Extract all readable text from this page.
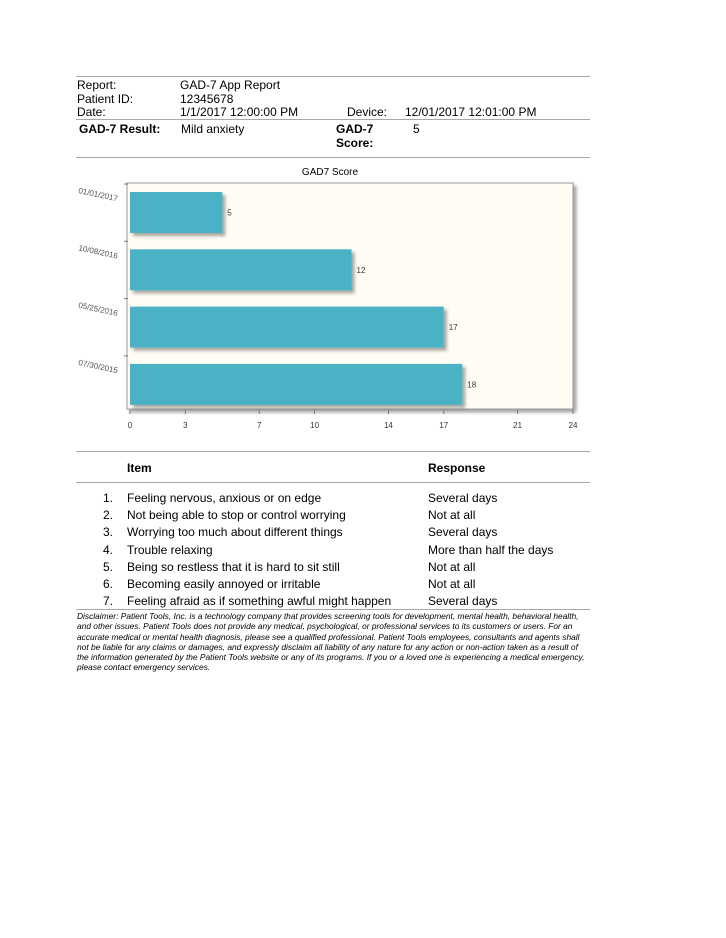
Report:	GAD-7 App Report
Patient ID:	12345678
Date:	1/1/2017 12:00:00 PM	Device: 12/01/2017 12:01:00 PM
GAD-7 Result: Mild anxiety	GAD-7
Score:
5
GAD7 Score
5
12
17
18
0	3	7	10	14	17	21	24
01/01/2017
10/08/2016
05/25/2016
07/30/2015
Item	Response
1. Feeling nervous, anxious or on edge	Several days
2. Not being able to stop or control worrying	Not at all
3. Worrying too much about different things	Several days
4. Trouble relaxing	More than half the days
5. Being so restless that it is hard to sit still	Not at all
6. Becoming easily annoyed or irritable	Not at all
7. Feeling afraid as if something awful might happen	Several days
Disclaimer: Patient Tools, Inc. is a technology company that provides screening tools for development, mental health, behavioral health, and other issues. Patient Tools does not provide any medical, psychological, or professional services to its customers or users. For an accurate medical or mental health diagnosis, please see a qualified professional. Patient Tools employees, consultants and agents shall not be liable for any claims or damages, and expressly disclaim all liability of any nature for any action or non-action taken as a result of the information generated by the Patient Tools website or any of its programs. If you or a loved one is experiencing a medical emergency, please contact emergency services.
